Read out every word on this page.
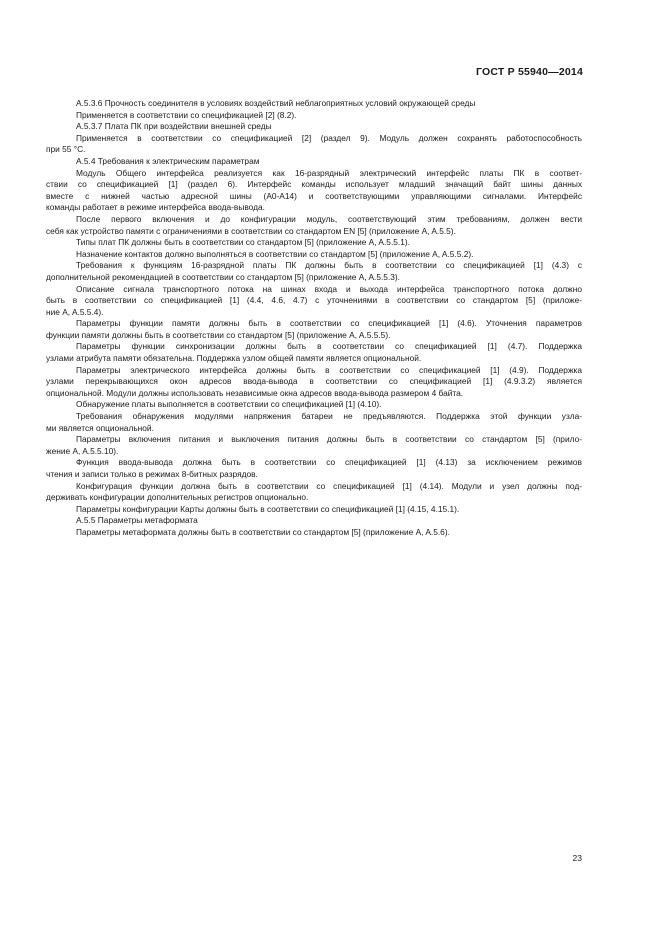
ГОСТ Р 55940—2014
A.5.3.6 Прочность соединителя в условиях воздействий неблагоприятных условий окружающей среды
Применяется в соответствии со спецификацией [2] (8.2).
A.5.3.7 Плата ПК при воздействии внешней среды
Применяется в соответствии со спецификацией [2] (раздел 9). Модуль должен сохранять работоспособность
при 55 °C.
A.5.4 Требования к электрическим параметрам
Модуль Общего интерфейса реализуется как 16-разрядный электрический интерфейс платы ПК в соответ-
ствии со спецификацией [1] (раздел 6). Интерфейс команды использует младший значащий байт шины данных
вместе с нижней частью адресной шины (A0-A14) и соответствующими управляющими сигналами. Интерфейс
команды работает в режиме интерфейса ввода-вывода.
После первого включения и до конфигурации модуль, соответствующий этим требованиям, должен вести
себя как устройство памяти с ограничениями в соответствии со стандартом EN [5] (приложение A, A.5.5).
Типы плат ПК должны быть в соответствии со стандартом [5] (приложение A, A.5.5.1).
Назначение контактов должно выполняться в соответствии со стандартом [5] (приложение A, A.5.5.2).
Требования к функциям 16-разрядной платы ПК должны быть в соответствии со спецификацией [1] (4.3) с
дополнительной рекомендацией в соответствии со стандартом [5] (приложение A, A.5.5.3).
Описание сигнала транспортного потока на шинах входа и выхода интерфейса транспортного потока должно
быть в соответствии со спецификацией [1] (4.4, 4.6, 4.7) с уточнениями в соответствии со стандартом [5] (приложе-
ние A, A.5.5.4).
Параметры функции памяти должны быть в соответствии со спецификацией [1] (4.6). Уточнения параметров
функции памяти должны быть в соответствии со стандартом [5] (приложение A, A.5.5.5).
Параметры функции синхронизации должны быть в соответствии со спецификацией [1] (4.7). Поддержка
узлами атрибута памяти обязательна. Поддержка узлом общей памяти является опциональной.
Параметры электрического интерфейса должны быть в соответствии со спецификацией [1] (4.9). Поддержка
узлами перекрывающихся окон адресов ввода-вывода в соответствии со спецификацией [1] (4.9.3.2) является
опциональной. Модули должны использовать независимые окна адресов ввода-вывода размером 4 байта.
Обнаружение платы выполняется в соответствии со спецификацией [1] (4.10).
Требования обнаружения модулями напряжения батареи не предъявляются. Поддержка этой функции узла-
ми является опциональной.
Параметры включения питания и выключения питания должны быть в соответствии со стандартом [5] (прило-
жение A, A.5.5.10).
Функция ввода-вывода должна быть в соответствии со спецификацией [1] (4.13) за исключением режимов
чтения и записи только в режимах 8-битных разрядов.
Конфигурация функции должна быть в соответствии со спецификацией [1] (4.14). Модули и узел должны под-
держивать конфигурации дополнительных регистров опционально.
Параметры конфигурации Карты должны быть в соответствии со спецификацией [1] (4.15, 4.15.1).
A.5.5 Параметры метаформата
Параметры метаформата должны быть в соответствии со стандартом [5] (приложение A, A.5.6).
23
